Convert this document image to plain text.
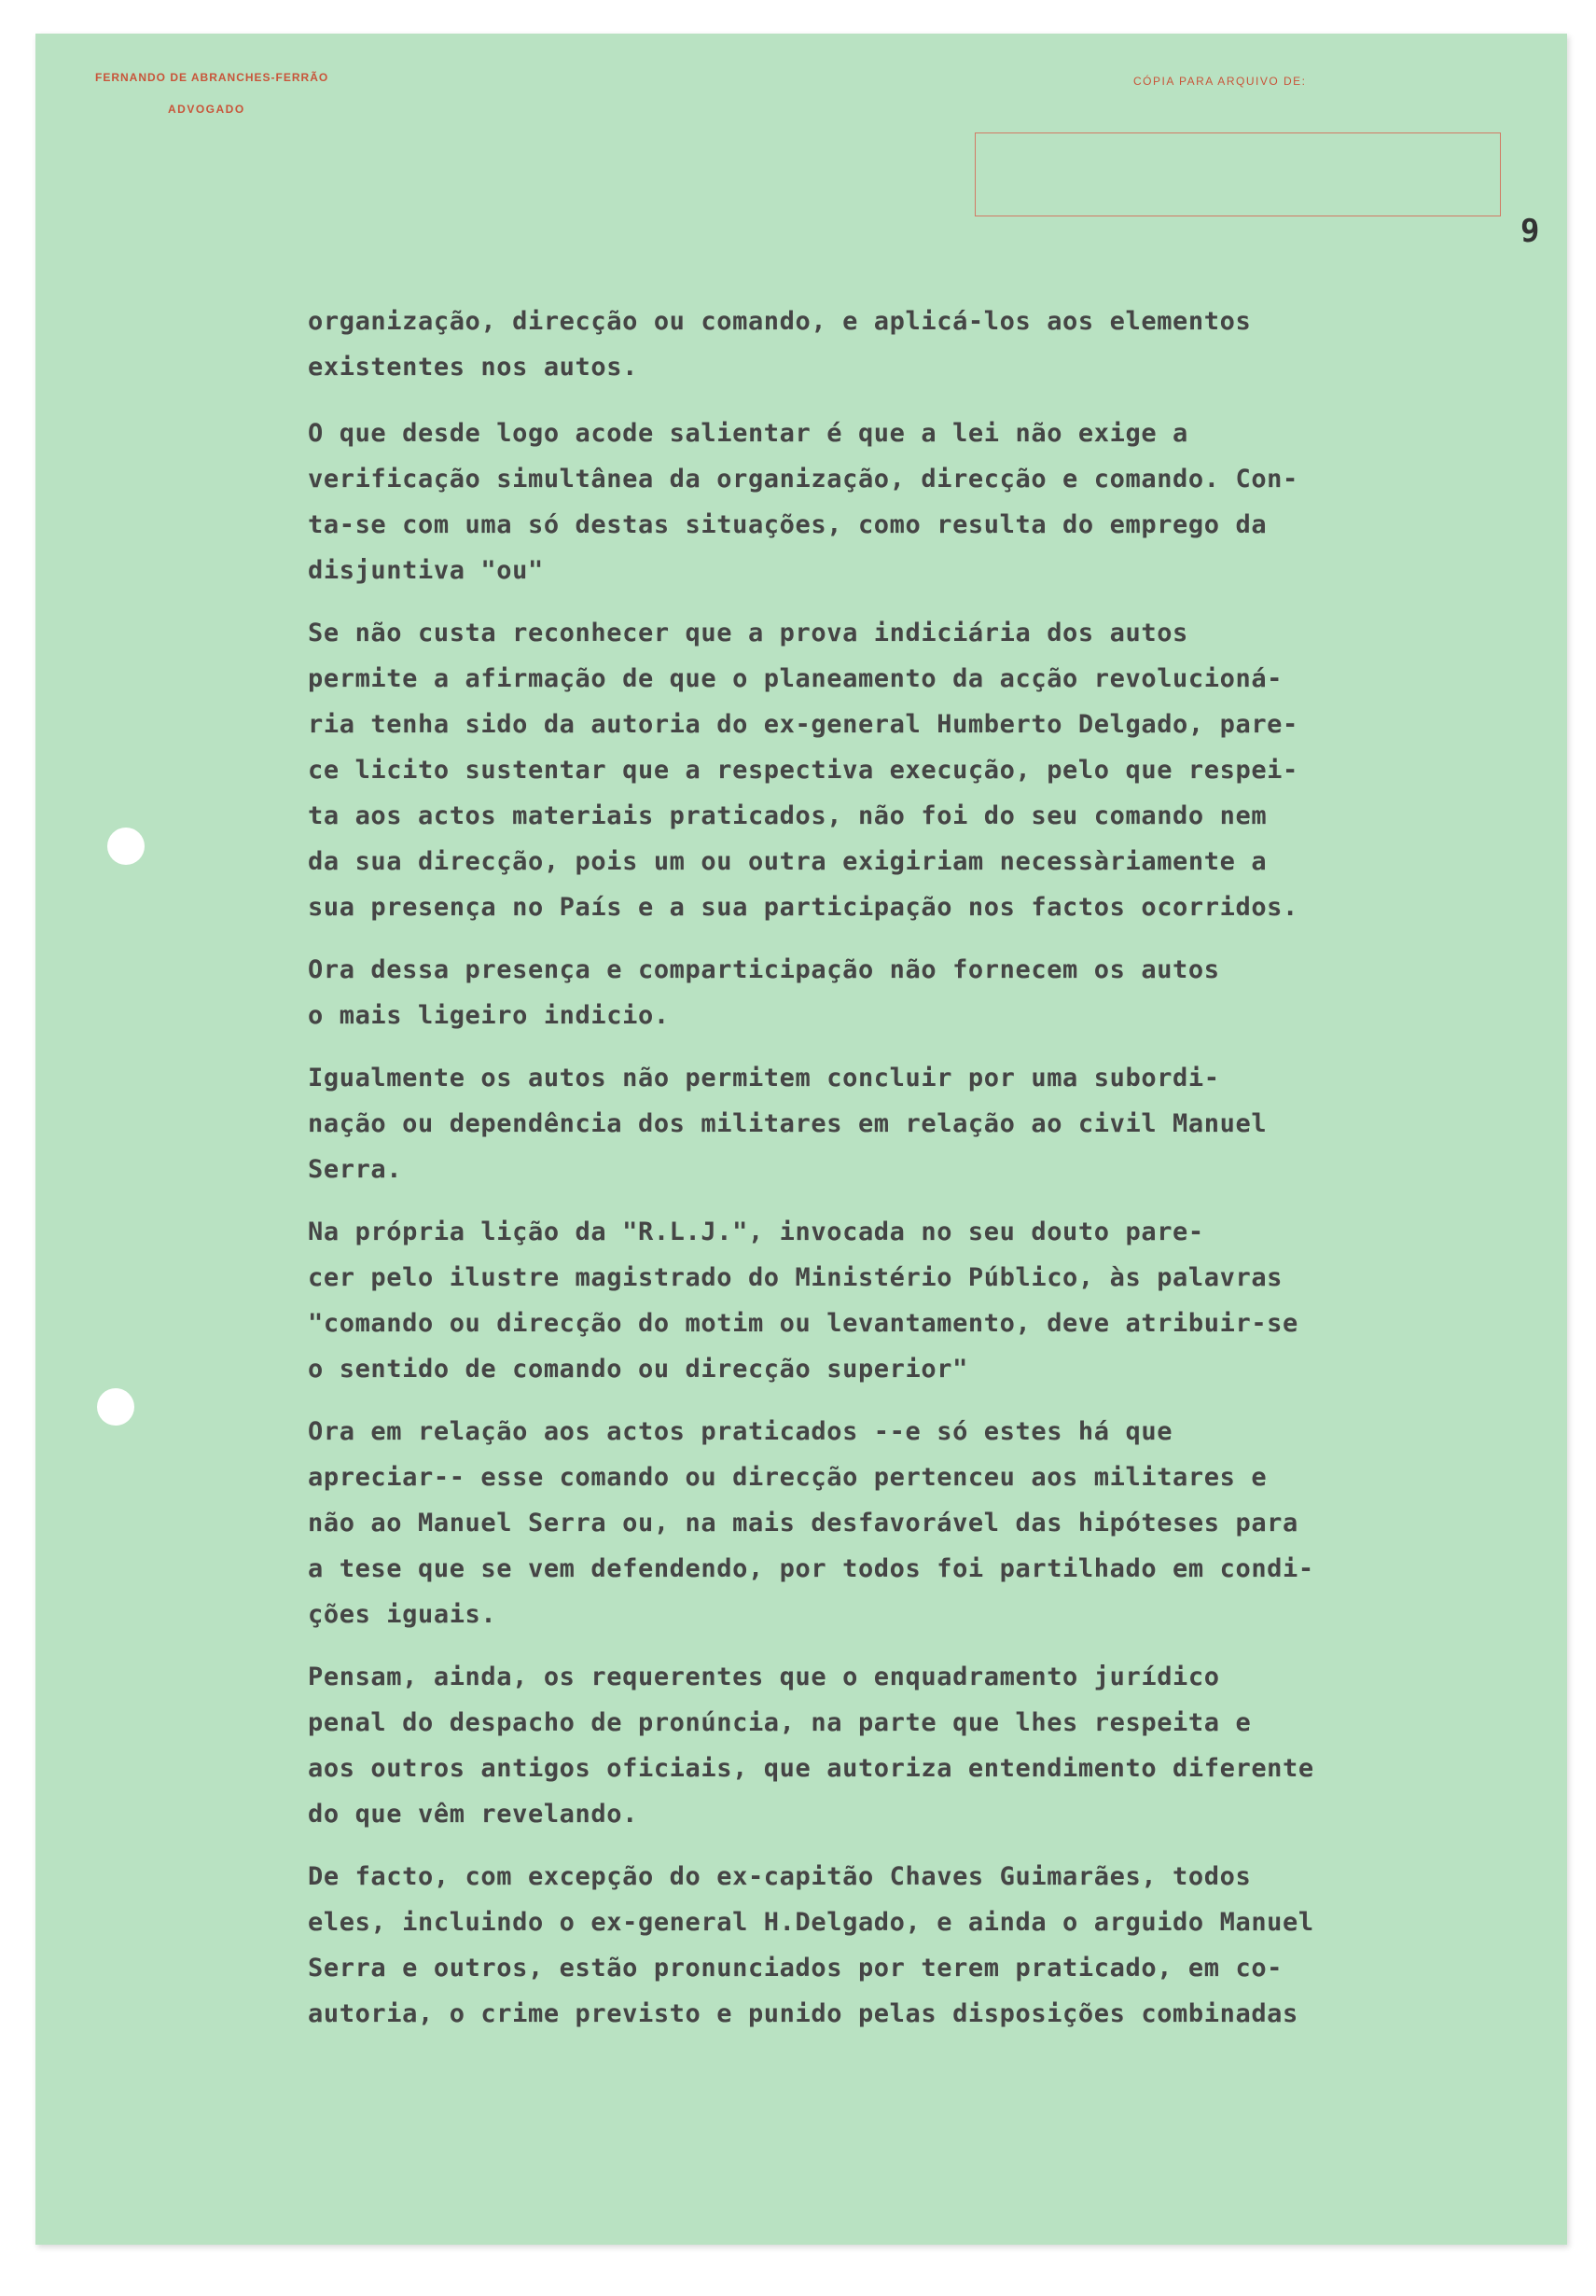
FERNANDO DE ABRANCHES-FERRÃO
ADVOGADO
CÓPIA PARA ARQUIVO DE:
9

organização, direcção ou comando, e aplicá-los aos elementos
existentes nos autos.

O que desde logo acode salientar é que a lei não exige a
verificação simultânea da organização, direcção e comando. Con-
ta-se com uma só destas situações, como resulta do emprego da
disjuntiva "ou"

Se não custa reconhecer que a prova indiciária dos autos
permite a afirmação de que o planeamento da acção revolucioná-
ria tenha sido da autoria do ex-general Humberto Delgado, pare-
ce licito sustentar que a respectiva execução, pelo que respei-
ta aos actos materiais praticados, não foi do seu comando nem
da sua direcção, pois um ou outra exigiriam necessàriamente a
sua presença no País e a sua participação nos factos ocorridos.

Ora dessa presença e comparticipação não fornecem os autos
o mais ligeiro indicio.

Igualmente os autos não permitem concluir por uma subordi-
nação ou dependência dos militares em relação ao civil Manuel
Serra.

Na própria lição da "R.L.J.", invocada no seu douto pare-
cer pelo ilustre magistrado do Ministério Público, às palavras
"comando ou direcção do motim ou levantamento, deve atribuir-se
o sentido de comando ou direcção superior"

Ora em relação aos actos praticados --e só estes há que
apreciar-- esse comando ou direcção pertenceu aos militares e
não ao Manuel Serra ou, na mais desfavorável das hipóteses para
a tese que se vem defendendo, por todos foi partilhado em condi-
ções iguais.

Pensam, ainda, os requerentes que o enquadramento jurídico
penal do despacho de pronúncia, na parte que lhes respeita e
aos outros antigos oficiais, que autoriza entendimento diferente
do que vêm revelando.

De facto, com excepção do ex-capitão Chaves Guimarães, todos
eles, incluindo o ex-general H.Delgado, e ainda o arguido Manuel
Serra e outros, estão pronunciados por terem praticado, em co-
autoria, o crime previsto e punido pelas disposições combinadas
